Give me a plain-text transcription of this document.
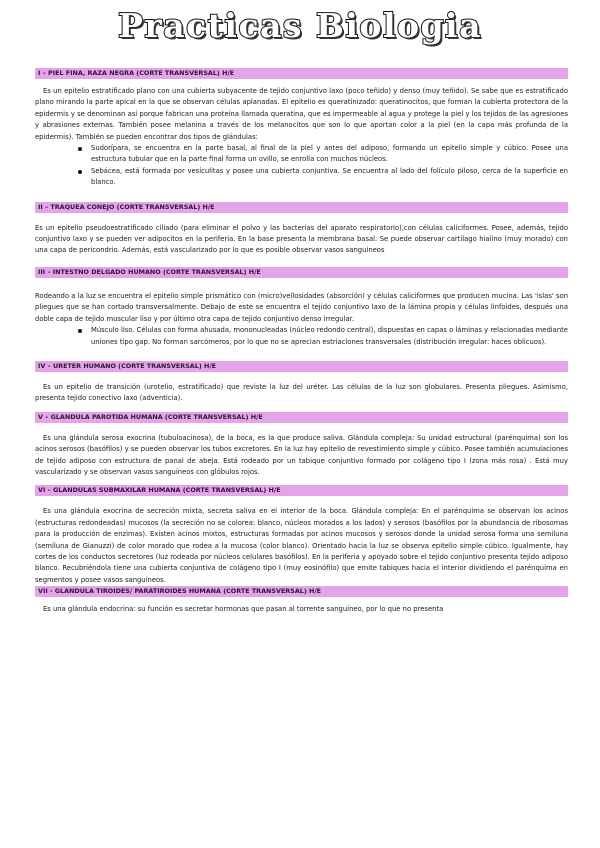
Practicas Biologia
I – PIEL FINA, RAZA NEGRA (CORTE TRANSVERSAL) H/E

Es un epitelio estratificado plano con una cubierta subyacente de tejido conjuntivo laxo (poco teñido) y denso (muy teñido). Se sabe que es estratificado plano mirando la parte apical en la que se observan células aplanadas. El epitelio es queratinizado: queratinocitos, que forman la cubierta protectora de la epidermis y se denominan así porque fabrican una proteína llamada queratina, que es impermeable al agua y protege la piel y los tejidos de las agresiones y abrasiones externas. También posee melanina a través de los melanocitos que son lo que aportan color a la piel (en la capa más profunda de la epidermis). También se pueden encontrar dos tipos de glándulas:

Sudorípara, se encuentra en la parte basal, al final de la piel y antes del adiposo, formando un epitelio simple y cúbico. Posee una estructura tubular que en la parte final forma un ovillo, se enrolla con muchos núcleos.
Sebácea, está formada por vesículitas y posee una cubierta conjuntiva. Se encuentra al lado del folículo piloso, cerca de la superficie en blanco.
II – TRAQUEA CONEJO (CORTE TRANSVERSAL) H/E

Es un epitelio pseudoestratificado ciliado (para eliminar el polvo y las bacterias del aparato respiratorio),con células caliciformes. Posee, además, tejido conjuntivo laxo y se pueden ver adipocitos en la periferia. En la base presenta la membrana basal. Se puede observar cartílago hialino (muy morado) con una capa de pericondrio. Además, está vascularizado por lo que es posible observar vasos sanguíneos

III – INTESTNO DELGADO HUMANO (CORTE TRANSVERSAL) H/E

Rodeando a la luz se encuentra el epitelio simple prismático con (micro)vellosidades (absorción) y células caliciformes que producen mucina. Las 'islas' son pliegues que se han cortado transversalmente. Debajo de este se encuentra el tejido conjuntivo laxo de la lámina propia y células linfoides, después una doble capa de tejido muscular liso y por último otra capa de tejido conjuntivo denso irregular.

Músculo liso. Células con forma ahusada, mononucleadas (núcleo redondo central), dispuestas en capas o láminas y relacionadas mediante uniones tipo gap. No forman sarcómeros, por lo que no se aprecian estriaciones transversales (distribución irregular: haces oblicuos).
IV – URETER HUMANO (CORTE TRANSVERSAL) H/E

Es un epitelio de transición (urotelio, estratificado) que reviste la luz del uréter. Las células de la luz son globulares. Presenta pliegues. Asimismo, presenta tejido conectivo laxo (adventicia).

V – GLANDULA PAROTIDA HUMANA (CORTE TRANSVERSAL) H/E

Es una glándula serosa exocrina (tubuloacinosa), de la boca, es la que produce saliva. Glándula compleja: Su unidad estructural (parénquima) son los acinos serosos (basófilos) y se pueden observar los tubos excretores. En la luz hay epitelio de revestimiento simple y cúbico. Posee también acumulaciones de tejido adiposo con estructura de panal de abeja. Está rodeado por un tabique conjuntivo formado por colágeno tipo I (zona más rosa) . Está muy vascularizado y se observan vasos sanguíneos con glóbulos rojos.

VI – GLANDULAS SUBMAXILAR HUMANA (CORTE TRANSVERSAL) H/E

Es una glándula exocrina de secreción mixta, secreta saliva en el interior de la boca. Glándula compleja: En el parénquima se observan los acinos (estructuras redondeadas) mucosos (la secreción no se colorea: blanco, núcleos morados a los lados) y serosos (basófilos por la abundancia de ribosomas para la producción de enzimas). Existen acinos mixtos, estructuras formadas por acinos mucosos y serosos donde la unidad serosa forma una semiluna (semiluna de Gianuzzi) de color morado que rodea a la mucosa (color blanco). Orientado hacia la luz se observa epitelio simple cúbico. Igualmente, hay cortes de los conductos secretores (luz rodeada por núcleos celulares basófilos). En la periferia y apoyado sobre el tejido conjuntivo presenta tejido adiposo blanco. Recubriéndola tiene una cubierta conjuntiva de colágeno tipo I (muy eosinófilo) que emite tabiques hacia el interior dividiendo el parénquima en segmentos y posee vasos sanguíneos.

VII - GLANDULA TIROIDES/ PARATIROIDES HUMANA (CORTE TRANSVERSAL) H/E

Es una glándula endocrina: su función es secretar hormonas que pasan al torrente sanguíneo, por lo que no presenta
